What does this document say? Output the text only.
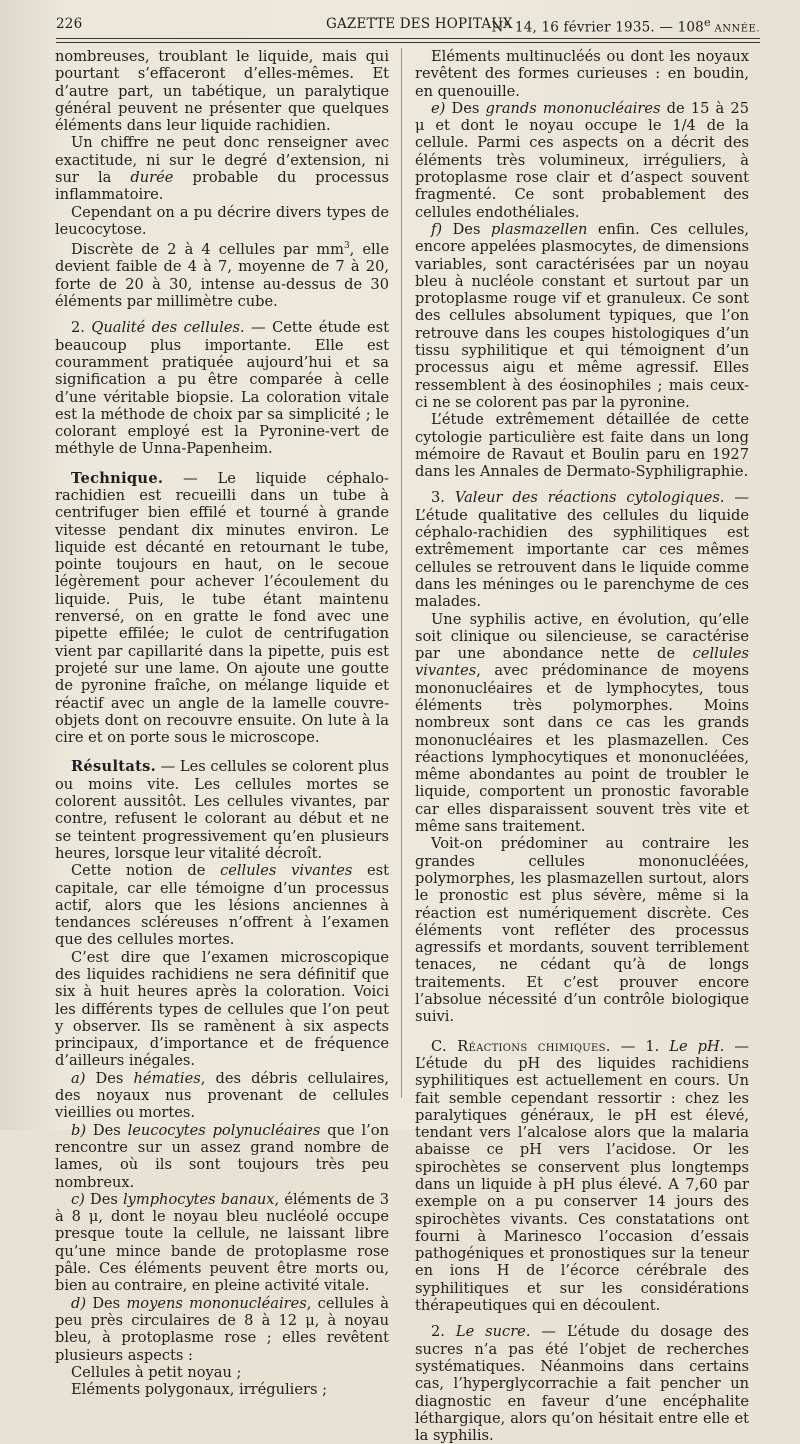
226	GAZETTE DES HOPITAUX
N° 14, 16 février 1935. — 108e ANNÉE.

nombreuses, troublant le liquide, mais qui pourtant s’effaceront d’elles-mêmes. Et d’autre part, un tabétique, un paralytique général peuvent ne présenter que quelques éléments dans leur liquide rachidien.

Un chiffre ne peut donc renseigner avec exactitude, ni sur le degré d’extension, ni sur la durée probable du processus inflammatoire.

Cependant on a pu décrire divers types de leucocytose.

Discrète de 2 à 4 cellules par $mm^3$, elle devient faible de 4 à 7, moyenne de 7 à 20, forte de 20 à 30, intense au-dessus de 30 éléments par millimètre cube.

2. Qualité des cellules. — Cette étude est beaucoup plus importante. Elle est couramment pratiquée aujourd’hui et sa signification a pu être comparée à celle d’une véritable biopsie. La coloration vitale est la méthode de choix par sa simplicité ; le colorant employé est la Pyronine-vert de méthyle de Unna-Papenheim.

Technique. — Le liquide céphalo-rachidien est recueilli dans un tube à centrifuger bien effilé et tourné à grande vitesse pendant dix minutes environ. Le liquide est décanté en retournant le tube, pointe toujours en haut, on le secoue légèrement pour achever l’écoulement du liquide. Puis, le tube étant maintenu renversé, on en gratte le fond avec une pipette effilée; le culot de centrifugation vient par capillarité dans la pipette, puis est projeté sur une lame. On ajoute une goutte de pyronine fraîche, on mélange liquide et réactif avec un angle de la lamelle couvre-objets dont on recouvre ensuite. On lute à la cire et on porte sous le microscope.

Résultats. — Les cellules se colorent plus ou moins vite. Les cellules mortes se colorent aussitôt. Les cellules vivantes, par contre, refusent le colorant au début et ne se teintent progressivement qu’en plusieurs heures, lorsque leur vitalité décroît.

Cette notion de cellules vivantes est capitale, car elle témoigne d’un processus actif, alors que les lésions anciennes à tendances scléreuses n’offrent à l’examen que des cellules mortes.

C’est dire que l’examen microscopique des liquides rachidiens ne sera définitif que six à huit heures après la coloration. Voici les différents types de cellules que l’on peut y observer. Ils se ramènent à six aspects principaux, d’importance et de fréquence d’ailleurs inégales.

a) Des hématies, des débris cellulaires, des noyaux nus provenant de cellules vieillies ou mortes.

b) Des leucocytes polynucléaires que l’on rencontre sur un assez grand nombre de lames, où ils sont toujours très peu nombreux.

c) Des lymphocytes banaux, éléments de 3 à 8 μ, dont le noyau bleu nucléolé occupe presque toute la cellule, ne laissant libre qu’une mince bande de protoplasme rose pâle. Ces éléments peuvent être morts ou, bien au contraire, en pleine activité vitale.

d) Des moyens mononucléaires, cellules à peu près circulaires de 8 à 12 μ, à noyau bleu, à protoplasme rose ; elles revêtent plusieurs aspects :

Cellules à petit noyau ;

Eléments polygonaux, irréguliers ;

Eléments multinucléés ou dont les noyaux revêtent des formes curieuses : en boudin, en quenouille.

e) Des grands mononucléaires de 15 à 25 μ et dont le noyau occupe le 1/4 de la cellule. Parmi ces aspects on a décrit des éléments très volumineux, irréguliers, à protoplasme rose clair et d’aspect souvent fragmenté. Ce sont probablement des cellules endothéliales.

f) Des plasmazellen enfin. Ces cellules, encore appelées plasmocytes, de dimensions variables, sont caractérisées par un noyau bleu à nucléole constant et surtout par un protoplasme rouge vif et granuleux. Ce sont des cellules absolument typiques, que l’on retrouve dans les coupes histologiques d’un tissu syphilitique et qui témoignent d’un processus aigu et même agressif. Elles ressemblent à des éosinophiles ; mais ceux-ci ne se colorent pas par la pyronine.

L’étude extrêmement détaillée de cette cytologie particulière est faite dans un long mémoire de Ravaut et Boulin paru en 1927 dans les Annales de Dermato-Syphiligraphie.

3. Valeur des réactions cytologiques. — L’étude qualitative des cellules du liquide céphalo-rachidien des syphilitiques est extrêmement importante car ces mêmes cellules se retrouvent dans le liquide comme dans les méninges ou le parenchyme de ces malades.

Une syphilis active, en évolution, qu’elle soit clinique ou silencieuse, se caractérise par une abondance nette de cellules vivantes, avec prédominance de moyens mononucléaires et de lymphocytes, tous éléments très polymorphes. Moins nombreux sont dans ce cas les grands mononucléaires et les plasmazellen. Ces réactions lymphocytiques et mononucléées, même abondantes au point de troubler le liquide, comportent un pronostic favorable car elles disparaissent souvent très vite et même sans traitement.

Voit-on prédominer au contraire les grandes cellules mononucléées, polymorphes, les plasmazellen surtout, alors le pronostic est plus sévère, même si la réaction est numériquement discrète. Ces éléments vont refléter des processus agressifs et mordants, souvent terriblement tenaces, ne cédant qu’à de longs traitements. Et c’est prouver encore l’absolue nécessité d’un contrôle biologique suivi.

C. Réactions chimiques. — 1. Le pH. — L’étude du pH des liquides rachidiens syphilitiques est actuellement en cours. Un fait semble cependant ressortir : chez les paralytiques généraux, le pH est élevé, tendant vers l’alcalose alors que la malaria abaisse ce pH vers l’acidose. Or les spirochètes se conservent plus longtemps dans un liquide à pH plus élevé. A 7,60 par exemple on a pu conserver 14 jours des spirochètes vivants. Ces constatations ont fourni à Marinesco l’occasion d’essais pathogéniques et pronostiques sur la teneur en ions H de l’écorce cérébrale des syphilitiques et sur les considérations thérapeutiques qui en découlent.

2. Le sucre. — L’étude du dosage des sucres n’a pas été l’objet de recherches systématiques. Néanmoins dans certains cas, l’hyperglycorrachie a fait pencher un diagnostic en faveur d’une encéphalite léthargique, alors qu’on hésitait entre elle et la syphilis.
